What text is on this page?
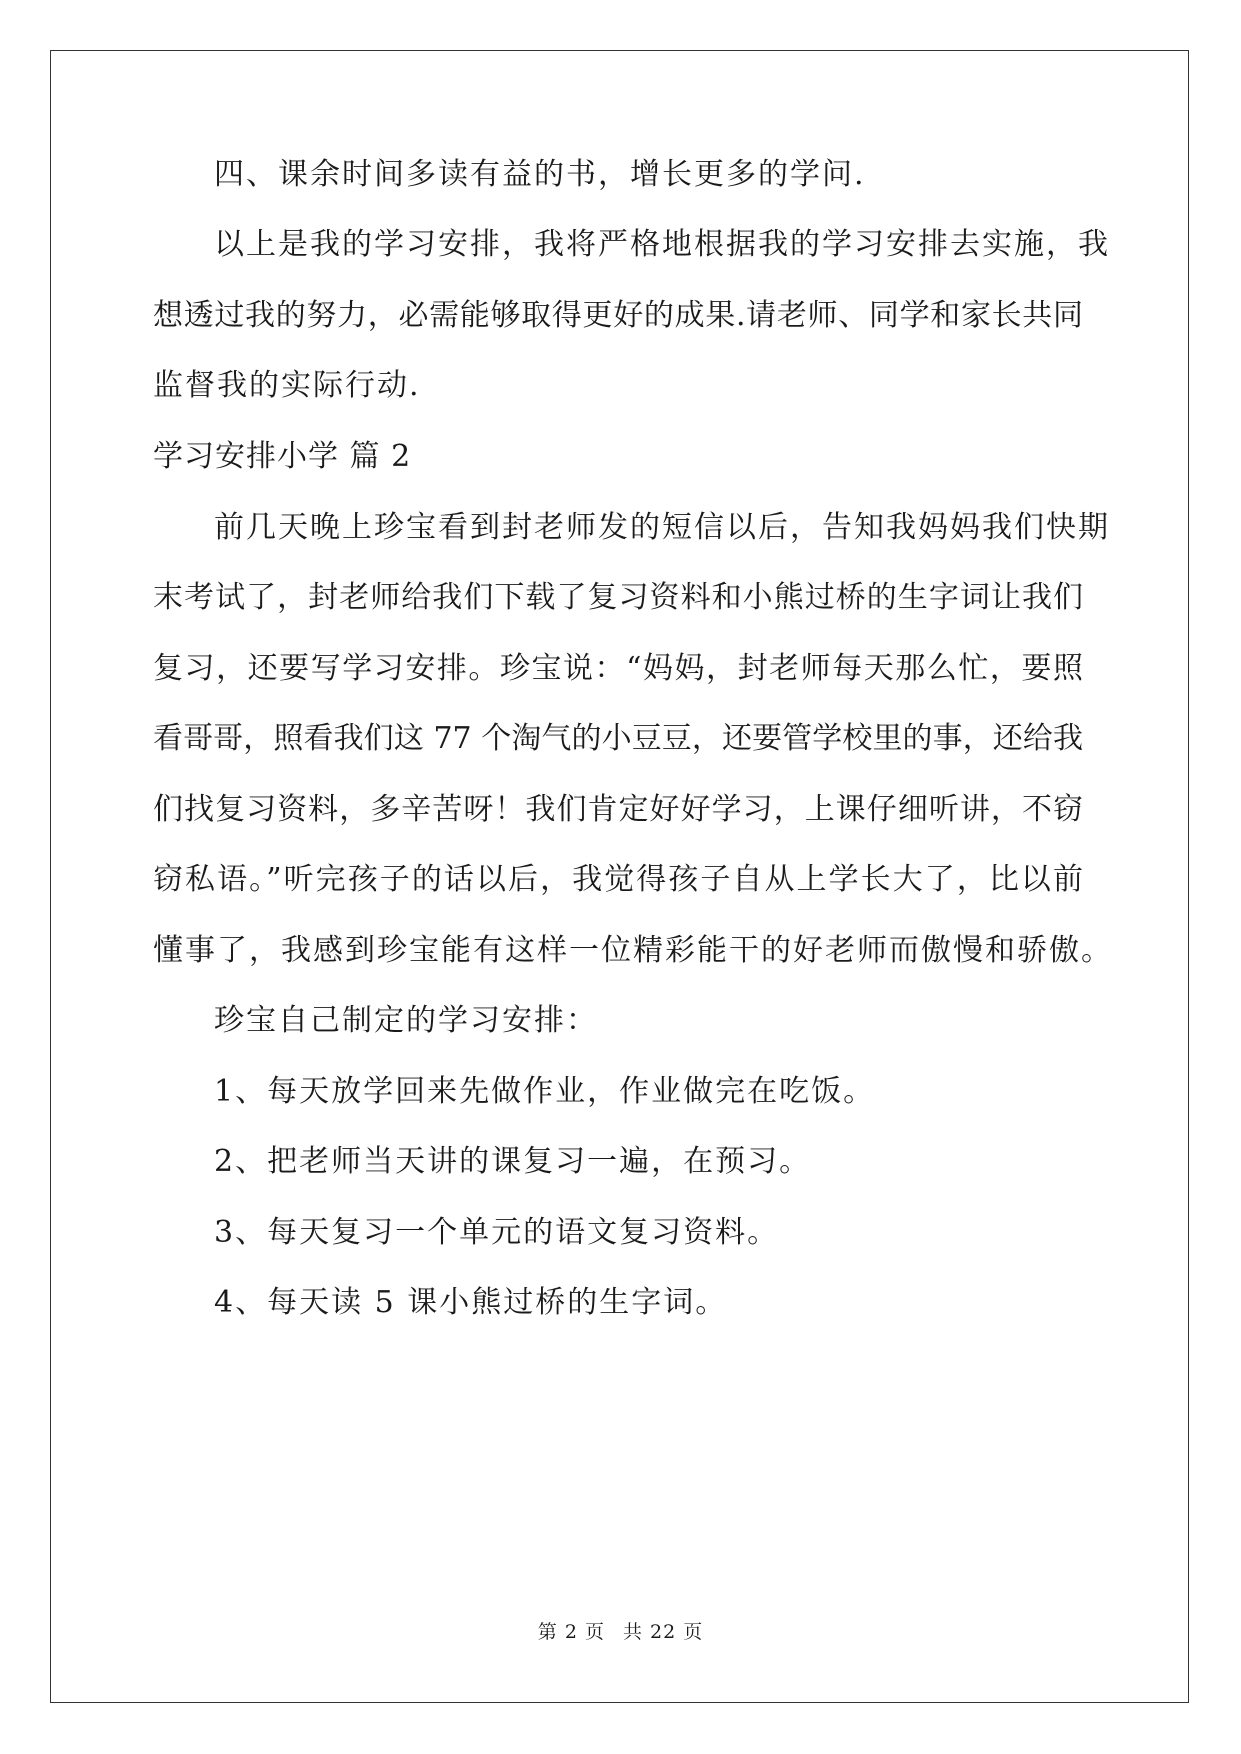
四、课余时间多读有益的书，增长更多的学问.
以上是我的学习安排，我将严格地根据我的学习安排去实施，我
想透过我的努力，必需能够取得更好的成果.请老师、同学和家长共同
监督我的实际行动.
学习安排小学 篇 2
前几天晚上珍宝看到封老师发的短信以后，告知我妈妈我们快期
末考试了，封老师给我们下载了复习资料和小熊过桥的生字词让我们
复习，还要写学习安排。珍宝说：“妈妈，封老师每天那么忙，要照
看哥哥，照看我们这 77 个淘气的小豆豆，还要管学校里的事，还给我
们找复习资料，多辛苦呀！我们肯定好好学习，上课仔细听讲，不窃
窃私语。”听完孩子的话以后，我觉得孩子自从上学长大了，比以前
懂事了，我感到珍宝能有这样一位精彩能干的好老师而傲慢和骄傲。
珍宝自己制定的学习安排：
1、每天放学回来先做作业，作业做完在吃饭。
2、把老师当天讲的课复习一遍，在预习。
3、每天复习一个单元的语文复习资料。
4、每天读 5 课小熊过桥的生字词。
第 2 页 共 22 页
